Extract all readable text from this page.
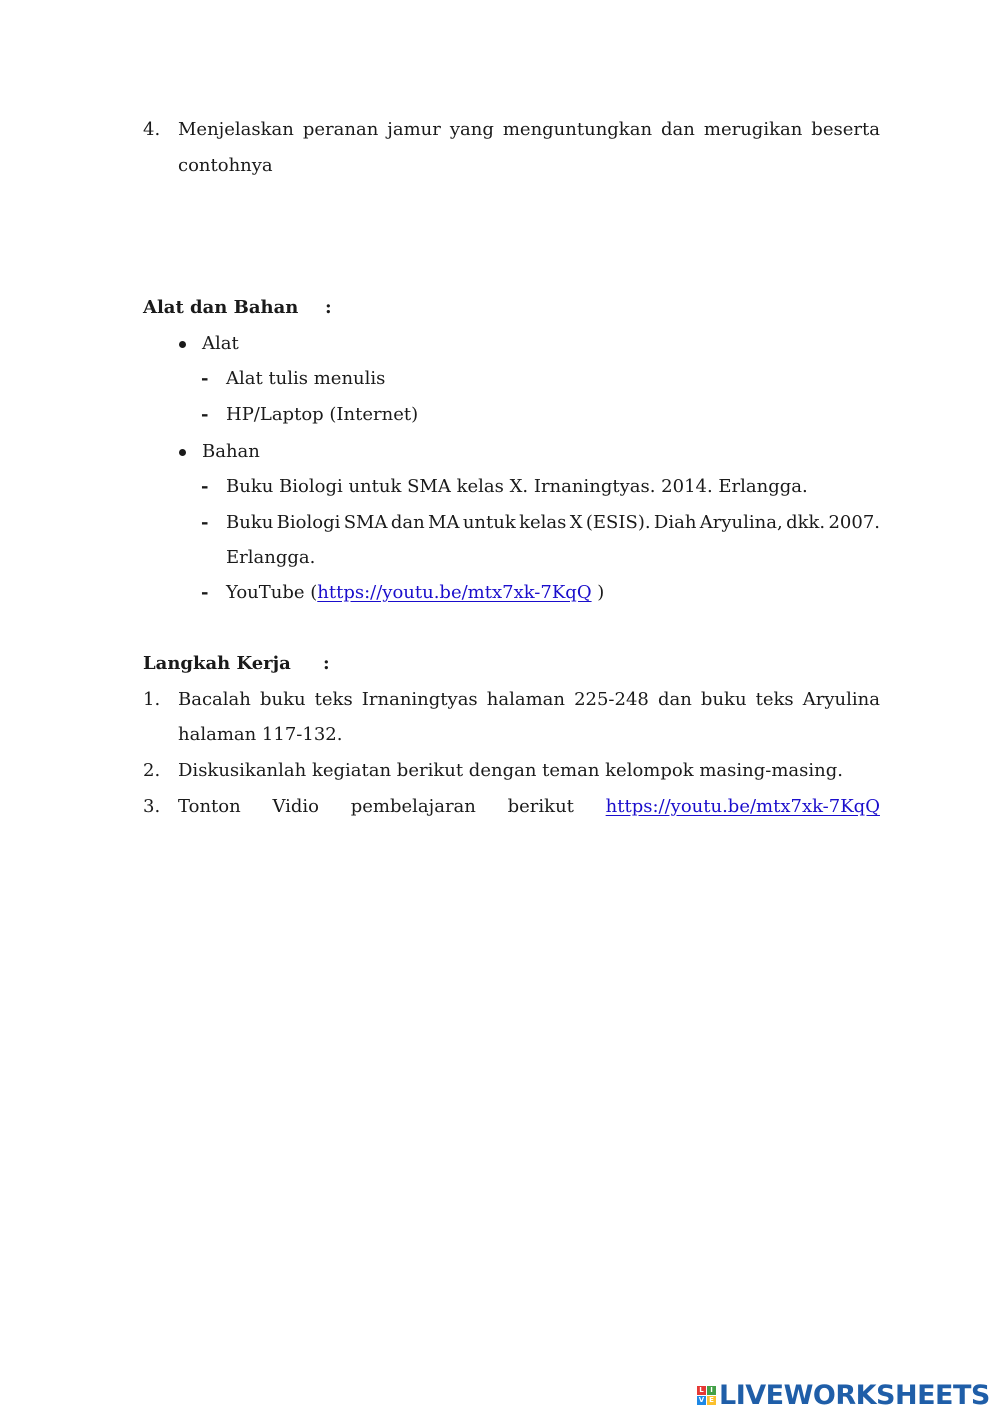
4. Menjelaskan peranan jamur yang menguntungkan dan merugikan beserta
contohnya
Alat dan Bahan :
Alat
- Alat tulis menulis
- HP/Laptop (Internet)
Bahan
- Buku Biologi untuk SMA kelas X. Irnaningtyas. 2014. Erlangga.
- Buku Biologi SMA dan MA untuk kelas X (ESIS). Diah Aryulina, dkk. 2007.
Erlangga.
- YouTube (https://youtu.be/mtx7xk-7KqQ )
Langkah Kerja :
1. Bacalah buku teks Irnaningtyas halaman 225-248 dan buku teks Aryulina
halaman 117-132.
2. Diskusikanlah kegiatan berikut dengan teman kelompok masing-masing.
3. Tonton Vidio pembelajaran berikut https://youtu.be/mtx7xk-7KqQ
L I
V E LIVEWORKSHEETS
